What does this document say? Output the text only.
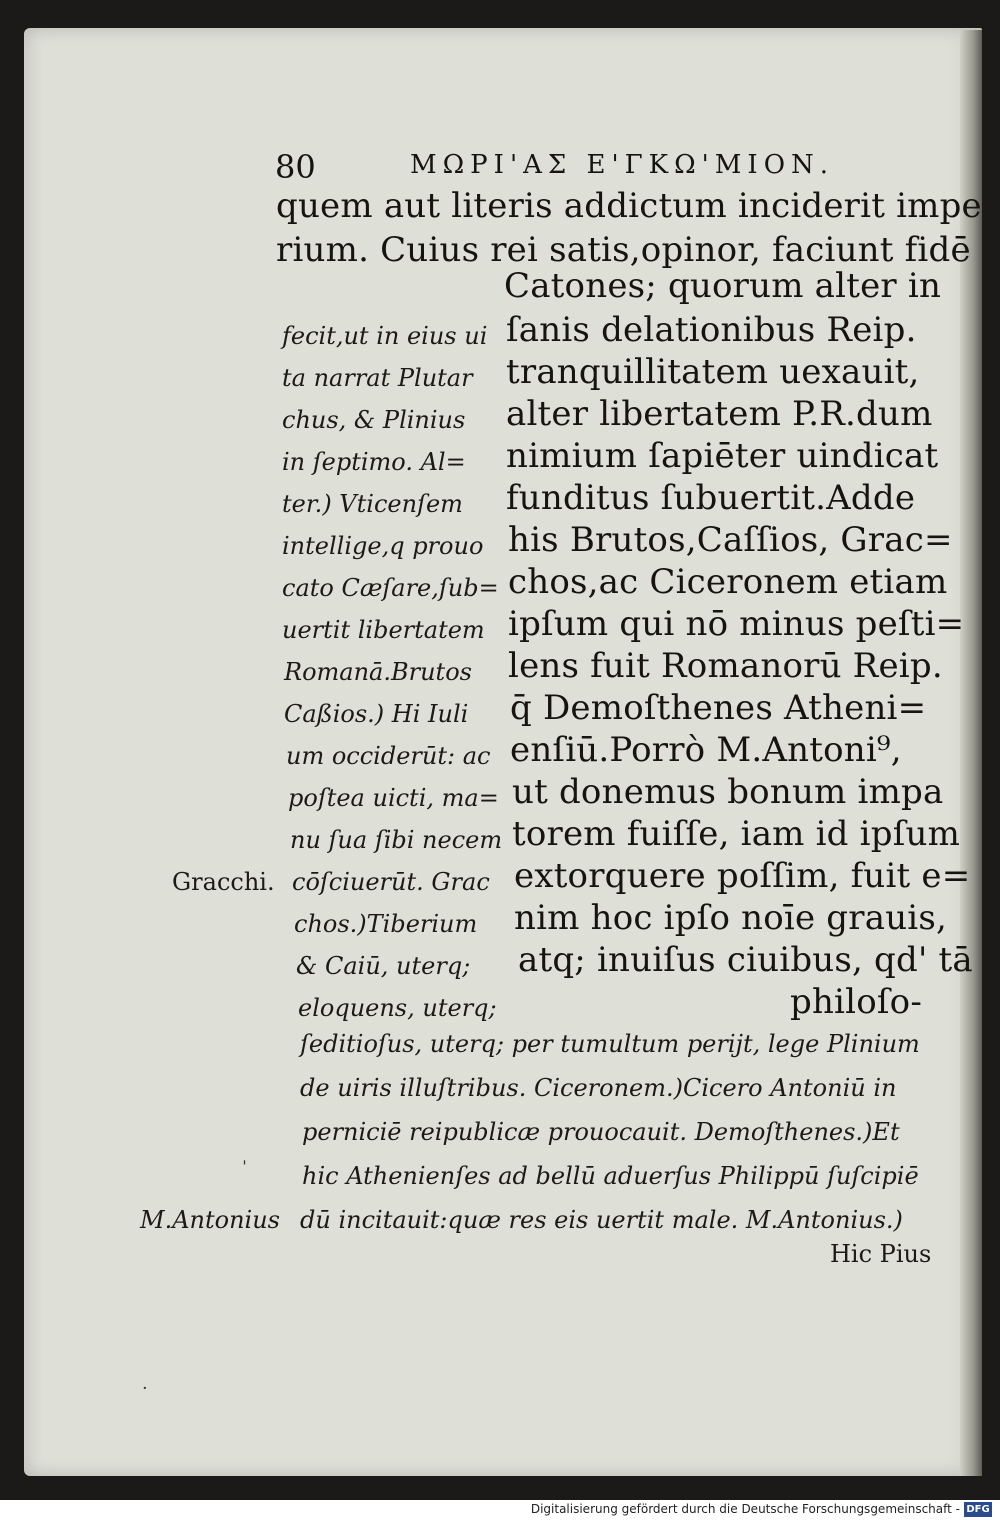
80	ΜΩΡΙ'ΑΣ Ε'ΓΚΩ'ΜΙΟΝ.
quem aut literis addictum inciderit impe
rium. Cuius rei satis,opinor, faciunt fidē
Catones; quorum alter in
ſanis delationibus Reip.
tranquillitatem uexauit,
alter libertatem P.R.dum
nimium ſapiēter uindicat
funditus ſubuertit.Adde
his Brutos,Caſſios, Grac=
chos,ac Ciceronem etiam
ipſum qui nō minus peſti=
lens fuit Romanorū Reip.
q̄ Demoſthenes Atheni=
enſiū.Porrò M.Antoni⁹,
ut donemus bonum impa
torem fuiſſe, iam id ipſum
extorquere poſſim, fuit e=
nim hoc ipſo noīe grauis,
atq; inuiſus ciuibus, qd' tā
philoſo-
fecit,ut in eius ui
ta narrat Plutar
chus, & Plinius
in ſeptimo. Al=
ter.) Vticenſem
intellige,q prouo
cato Cæſare,ſub=
uertit libertatem
Romanā.Brutos
Caßios.) Hi Iuli
um occiderūt: ac
poſtea uicti, ma=
nu ſua ſibi necem
cōſciuerūt. Grac
chos.)Tiberium
& Caiū, uterq;
eloquens, uterq;
Gracchi.
ſeditioſus, uterq; per tumultum perijt, lege Plinium
de uiris illuſtribus. Ciceronem.)Cicero Antoniū in
perniciē reipublicæ prouocauit. Demoſthenes.)Et
hic Athenienſes ad bellū aduerſus Philippū ſuſcipiē
dū incitauit:quæ res eis uertit male. M.Antonius.)
Hic Pius
M.Antonius
ˈ
·
Digitalisierung gefördert durch die Deutsche Forschungsgemeinschaft - DFG
